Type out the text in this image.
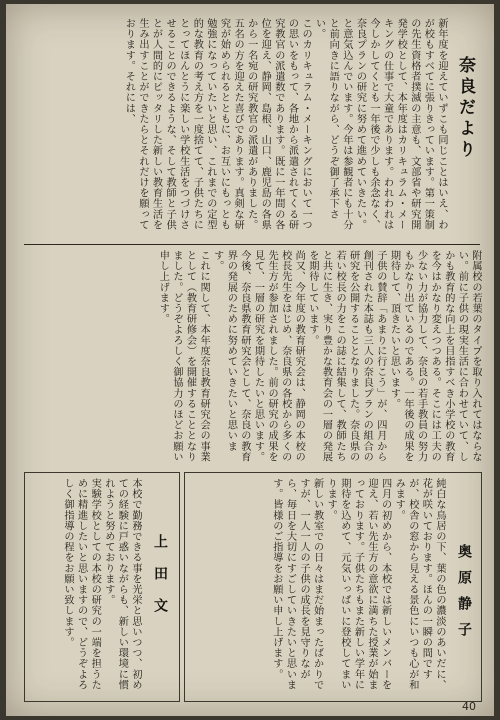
奈良だより
新年度を迎えていずこも同じことはいえ、わが校もすべてに張りきっています。第一策制の先生資格者撲滅の主意も、文部省や研究開発学校として、本年度はカリキュラム・メーキングの仕事で大童であります。われわれは今しかしてくとも一年後で少しも余念なく、奈良プランの研究に努めて進めていきたい。と意気込んでいます。今年は参観者にも十分と前向きに語りながら、どうぞ御了承下さい。
このカリキュラム・メーキングにおいて一つの思いをもって、各地から派遣されてくる研究教官の派遣数であります。既に一年間の各位を迎え、静岡、島根、山口、鹿児島の各県から一名宛の研究教官の派遣がありました。五名の方を迎えた喜びであります。真剣な研究が始められるとともに、お互いにもっとも勉強になっていたいと思い、これまでの定型的な教育の考え方を一度捨てて、子供たちにとってほんとうに楽しい学校生活をつづけさせることのできるような、そして教師と子供とが人間的にピッタリした新しい教育生活を生み出すことができたらとそれだけを願っております。それには、
附属校の若葉のタイプを取り入れてはならない。前に子供の現実生活に合わせていて、しかも教育的な向上を目指すべき小学校の教育を今はかなり変えつつある。そこには工夫の少ない力が協力して、奈良の若手教員の努力もかなり出ているのである。一年後の成果を期待して、頂きたいと思います。
子供の賛辞「あまりに行こう」が、四月から創刊された本誌も三人の奈良プランの組合の研究を公開することとなりました。奈良県の若い校長の力をこの誌に結集して、教師たちと共に生き、実り豊かな教育会の一層の発展を期待しています。
尚又、今年度の教育研究会は、静岡の本校の校長先生をはじめ、奈良県の各校から多くの先生方が参加されました。前の研究の成果を見て、一層の研究を期待したいと思います。今後、奈良県教育研究会として、奈良の教育界の発展のために努めていきたいと思います。
これに関して、本年度奈良教育研究会の事業として（教育研修会）を開催することとなりました。どうぞよろしく御協力のほどお願い申し上げます。
奥原静子
純白な鳥居の下、葉の色の濃淡のあいだに、花が咲いております。ほんの一瞬の間ですが、校舎の窓から見える景色にいつも心が和みます。
四月の初めから、本校では新しいメンバーを迎え、若い先生方の意欲に満ちた授業が始まっております。子供たちもまた新しい学年に期待を込めて、元気いっぱいに登校してまいります。
新しい教室での日々はまだ始まったばかりですが、一人一人の子供の成長を見守りながら、毎日を大切にすごしていきたいと思います。皆様のご指導をお願い申し上げます。
上田文
本校で勤務できる事を光栄と思いつつ、初めての経験に戸惑いながらも、新しい環境に慣れようと努めております。
実験学校としての本校の研究の一端を担うために精進したいと思いますので、どうぞよろしく御指導の程をお願い致します。
40
